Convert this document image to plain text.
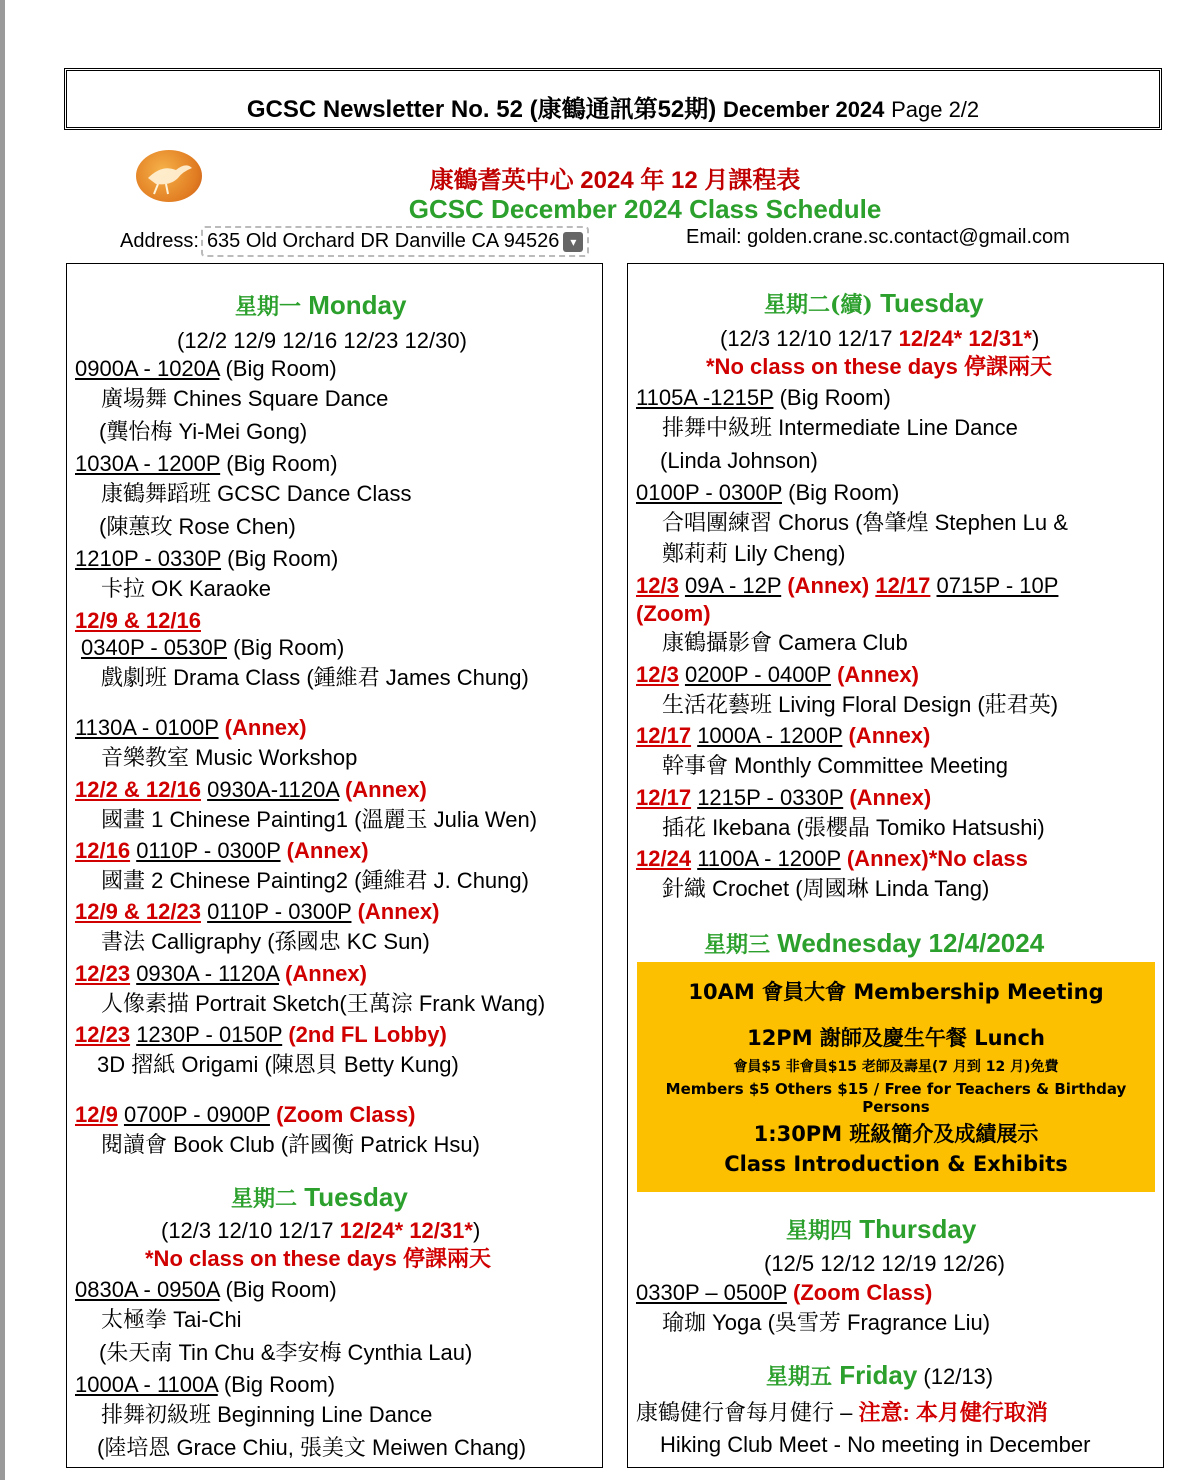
GCSC Newsletter No. 52 (康鶴通訊第52期) December 2024 Page 2/2
康鶴耆英中心 2024 年 12 月課程表
GCSC December 2024 Class Schedule
Address: 635 Old Orchard DR Danville CA 94526 ▾	Email: golden.crane.sc.contact@gmail.com
星期一 Monday
(12/2 12/9 12/16 12/23 12/30)
0900A - 1020A (Big Room)
廣場舞 Chines Square Dance
(龔怡梅 Yi-Mei Gong)
1030A - 1200P (Big Room)
康鶴舞蹈班 GCSC Dance Class
(陳蕙玫 Rose Chen)
1210P - 0330P (Big Room)
卡拉 OK Karaoke
12/9 & 12/16
0340P - 0530P (Big Room)
戲劇班 Drama Class (鍾維君 James Chung)
1130A - 0100P (Annex)
音樂教室 Music Workshop
12/2 & 12/16 0930A-1120A (Annex)
國畫 1 Chinese Painting1 (溫麗玉 Julia Wen)
12/16 0110P - 0300P (Annex)
國畫 2 Chinese Painting2 (鍾維君 J. Chung)
12/9 & 12/23 0110P - 0300P (Annex)
書法 Calligraphy (孫國忠 KC Sun)
12/23 0930A - 1120A (Annex)
人像素描 Portrait Sketch(王萬淙 Frank Wang)
12/23 1230P - 0150P (2nd FL Lobby)
3D 摺紙 Origami (陳恩貝 Betty Kung)
12/9 0700P - 0900P (Zoom Class)
閱讀會 Book Club (許國衡 Patrick Hsu)
星期二 Tuesday
(12/3 12/10 12/17 12/24* 12/31*)
*No class on these days 停課兩天
0830A - 0950A (Big Room)
太極拳 Tai-Chi
(朱天南 Tin Chu &李安梅 Cynthia Lau)
1000A - 1100A (Big Room)
排舞初級班 Beginning Line Dance
(陸培恩 Grace Chiu, 張美文 Meiwen Chang)
星期二(續) Tuesday
(12/3 12/10 12/17 12/24* 12/31*)
*No class on these days 停課兩天
1105A -1215P (Big Room)
排舞中級班 Intermediate Line Dance
(Linda Johnson)
0100P - 0300P (Big Room)
合唱團練習 Chorus (魯肇煌 Stephen Lu &
鄭莉莉 Lily Cheng)
12/3 09A - 12P (Annex) 12/17 0715P - 10P
(Zoom)
康鶴攝影會 Camera Club
12/3 0200P - 0400P (Annex)
生活花藝班 Living Floral Design (莊君英)
12/17 1000A - 1200P (Annex)
幹事會 Monthly Committee Meeting
12/17 1215P - 0330P (Annex)
插花 Ikebana (張櫻晶 Tomiko Hatsushi)
12/24 1100A - 1200P (Annex)*No class
針織 Crochet (周國琳 Linda Tang)
星期三 Wednesday 12/4/2024
10AM 會員大會 Membership Meeting
12PM 謝師及慶生午餐 Lunch
會員$5 非會員$15 老師及壽星(7 月到 12 月)免費
Members $5 Others $15 / Free for Teachers & Birthday Persons
1:30PM 班級簡介及成績展示
Class Introduction & Exhibits
星期四 Thursday
(12/5 12/12 12/19 12/26)
0330P – 0500P (Zoom Class)
瑜珈 Yoga (吳雪芳 Fragrance Liu)
星期五 Friday (12/13)
康鶴健行會每月健行 – 注意: 本月健行取消
Hiking Club Meet - No meeting in December
